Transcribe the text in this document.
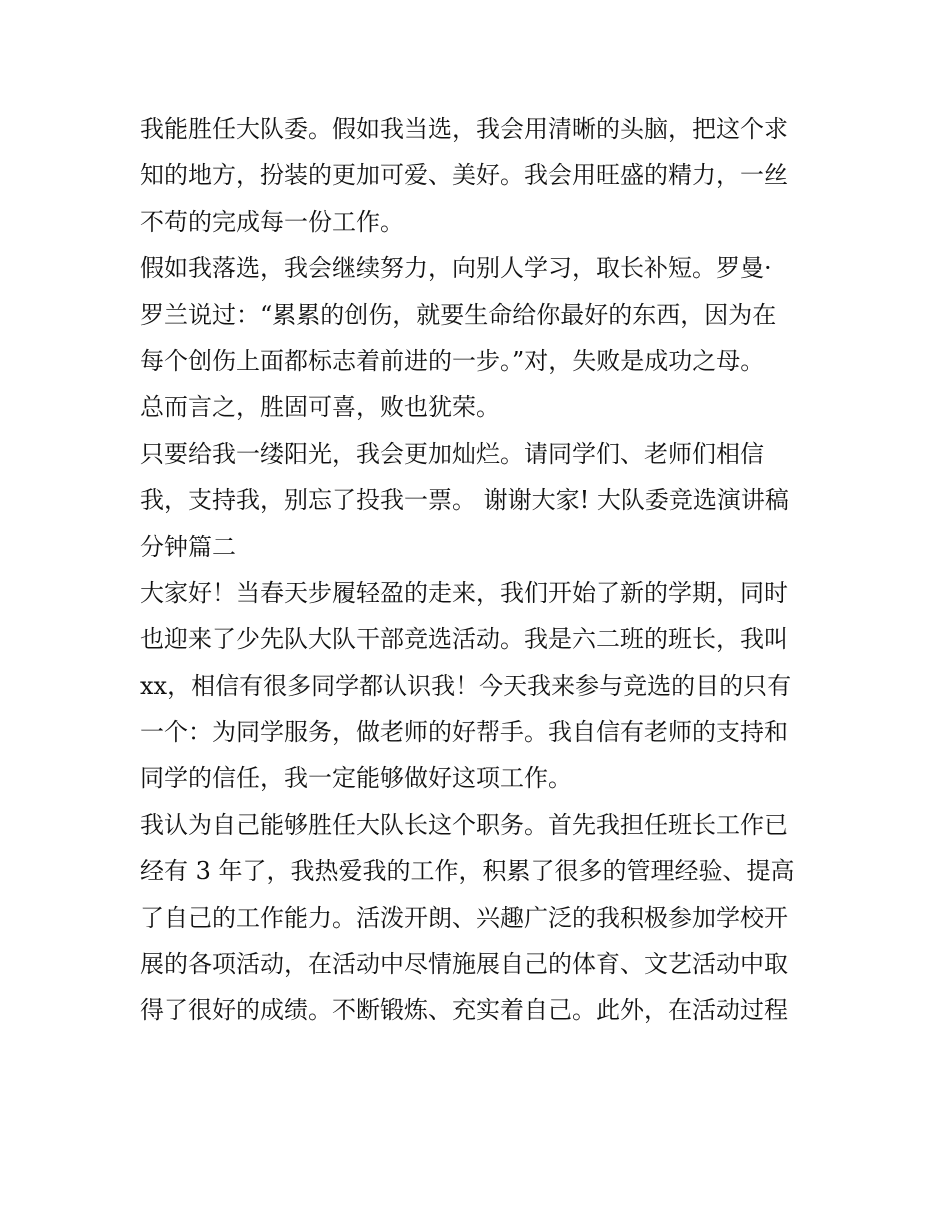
我能胜任大队委。假如我当选，我会用清晰的头脑，把这个求
知的地方，扮装的更加可爱、美好。我会用旺盛的精力，一丝
不苟的完成每一份工作。
假如我落选，我会继续努力，向别人学习，取长补短。罗曼·
罗兰说过：“累累的创伤，就要生命给你最好的东西，因为在
每个创伤上面都标志着前进的一步。”对，失败是成功之母。
总而言之，胜固可喜，败也犹荣。
只要给我一缕阳光，我会更加灿烂。请同学们、老师们相信
我，支持我，别忘了投我一票。 谢谢大家! 大队委竞选演讲稿
分钟篇二
大家好！当春天步履轻盈的走来，我们开始了新的学期，同时
也迎来了少先队大队干部竞选活动。我是六二班的班长，我叫
xx，相信有很多同学都认识我！今天我来参与竞选的目的只有
一个：为同学服务，做老师的好帮手。我自信有老师的支持和
同学的信任，我一定能够做好这项工作。
我认为自己能够胜任大队长这个职务。首先我担任班长工作已
经有 3 年了，我热爱我的工作，积累了很多的管理经验、提高
了自己的工作能力。活泼开朗、兴趣广泛的我积极参加学校开
展的各项活动，在活动中尽情施展自己的体育、文艺活动中取
得了很好的成绩。不断锻炼、充实着自己。此外，在活动过程
